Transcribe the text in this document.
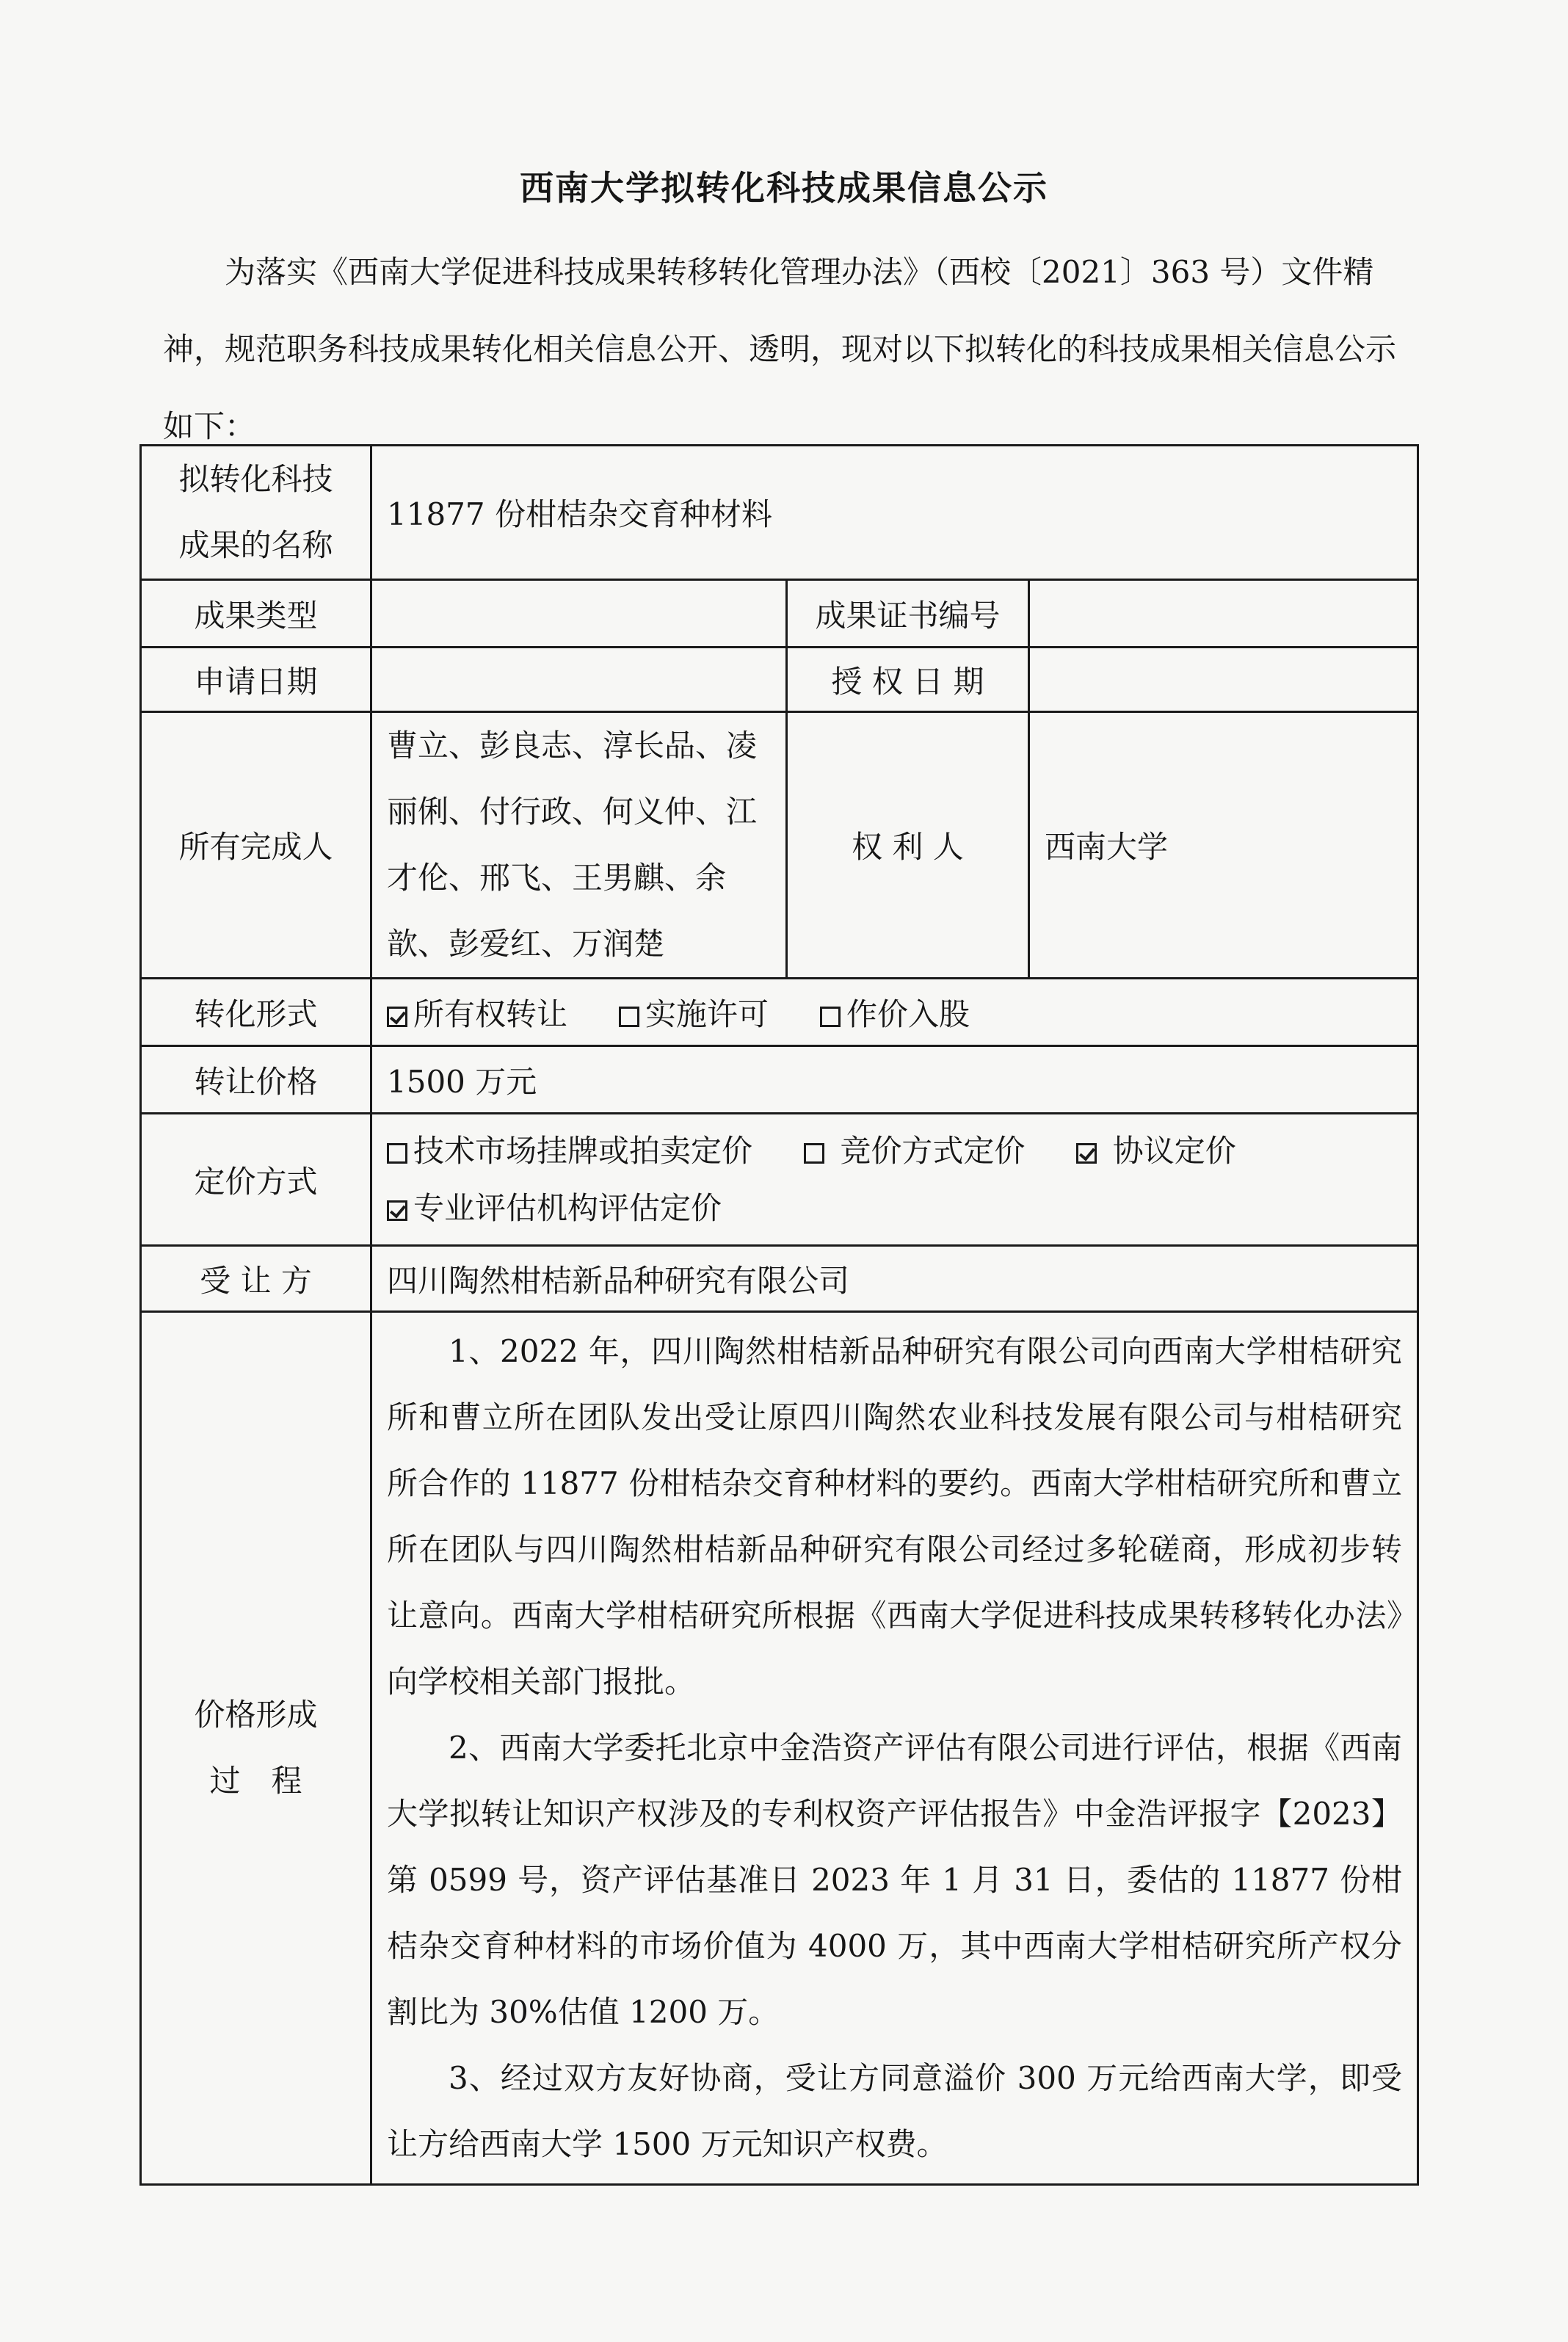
西南大学拟转化科技成果信息公示
为落实《西南大学促进科技成果转移转化管理办法》（西校〔2021〕363 号）文件精神，规范职务科技成果转化相关信息公开、透明，现对以下拟转化的科技成果相关信息公示如下：
拟转化科技成果的名称	11877 份柑桔杂交育种材料		
成果类型		成果证书编号	
申请日期		授 权 日 期	
所有完成人	曹立、彭良志、淳长品、凌丽俐、付行政、何义仲、江才伦、邢飞、王男麒、余歆、彭爱红、万润楚	权 利 人	西南大学
转化形式	所有权转让 实施许可 作价入股		

转让价格	1500 万元		
定价方式	技术市场挂牌或拍卖定价 竞价方式定价 协议定价
专业评估机构评估定价		

受 让 方	四川陶然柑桔新品种研究有限公司		
价格形成过　程	1、2022 年，四川陶然柑桔新品种研究有限公司向西南大学柑桔研究所和曹立所在团队发出受让原四川陶然农业科技发展有限公司与柑桔研究所合作的 11877 份柑桔杂交育种材料的要约。西南大学柑桔研究所和曹立所在团队与四川陶然柑桔新品种研究有限公司经过多轮磋商，形成初步转让意向。西南大学柑桔研究所根据《西南大学促进科技成果转移转化办法》向学校相关部门报批。

2、西南大学委托北京中金浩资产评估有限公司进行评估，根据《西南大学拟转让知识产权涉及的专利权资产评估报告》中金浩评报字【2023】第 0599 号，资产评估基准日 2023 年 1 月 31 日，委估的 11877 份柑桔杂交育种材料的市场价值为 4000 万，其中西南大学柑桔研究所产权分割比为 30%估值 1200 万。

3、经过双方友好协商，受让方同意溢价 300 万元给西南大学，即受让方给西南大学 1500 万元知识产权费。		
